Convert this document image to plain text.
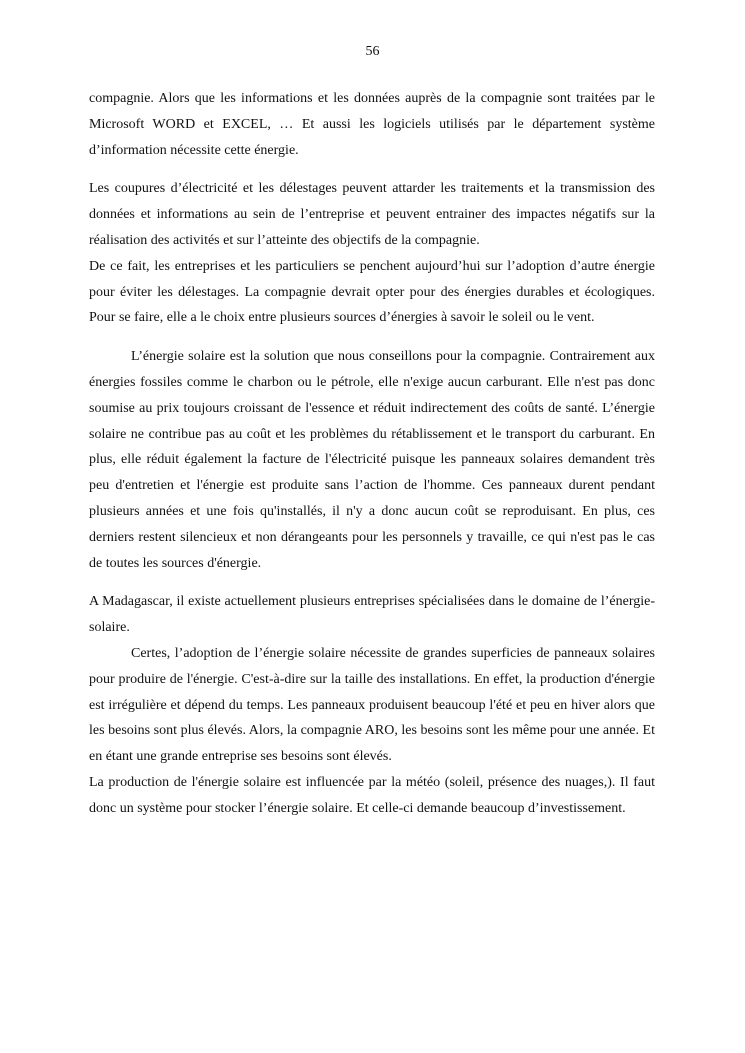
56

compagnie. Alors que les informations et les données auprès de la compagnie sont traitées par le Microsoft WORD et EXCEL, … Et aussi les logiciels utilisés par le département système d’information nécessite cette énergie.

Les coupures d’électricité et les délestages peuvent attarder les traitements et la transmission des données et informations au sein de l’entreprise et peuvent entrainer des impactes négatifs sur la réalisation des activités et sur l’atteinte des objectifs de la compagnie.

De ce fait, les entreprises et les particuliers se penchent aujourd’hui sur l’adoption d’autre énergie pour éviter les délestages. La compagnie devrait opter pour des énergies durables et écologiques. Pour se faire, elle a le choix entre plusieurs sources d’énergies à savoir le soleil ou le vent.

L’énergie solaire est la solution que nous conseillons pour la compagnie. Contrairement aux énergies fossiles comme le charbon ou le pétrole, elle n'exige aucun carburant. Elle n'est pas donc soumise au prix toujours croissant de l'essence et réduit indirectement des coûts de santé. L’énergie solaire ne contribue pas au coût et les problèmes du rétablissement et le transport du carburant. En plus, elle réduit également la facture de l'électricité puisque les panneaux solaires demandent très peu d'entretien et l'énergie est produite sans l’action de l'homme. Ces panneaux durent pendant plusieurs années et une fois qu'installés, il n'y a donc aucun coût se reproduisant. En plus, ces derniers restent silencieux et non dérangeants pour les personnels y travaille, ce qui n'est pas le cas de toutes les sources d'énergie.

A Madagascar, il existe actuellement plusieurs entreprises spécialisées dans le domaine de l’énergie-solaire.

Certes, l’adoption de l’énergie solaire nécessite de grandes superficies de panneaux solaires pour produire de l'énergie. C'est-à-dire sur la taille des installations. En effet, la production d'énergie est irrégulière et dépend du temps. Les panneaux produisent beaucoup l'été et peu en hiver alors que les besoins sont plus élevés. Alors, la compagnie ARO, les besoins sont les même pour une année. Et en étant une grande entreprise ses besoins sont élevés.

La production de l'énergie solaire est influencée par la météo (soleil, présence des nuages,). Il faut donc un système pour stocker l’énergie solaire. Et celle-ci demande beaucoup d’investissement.
